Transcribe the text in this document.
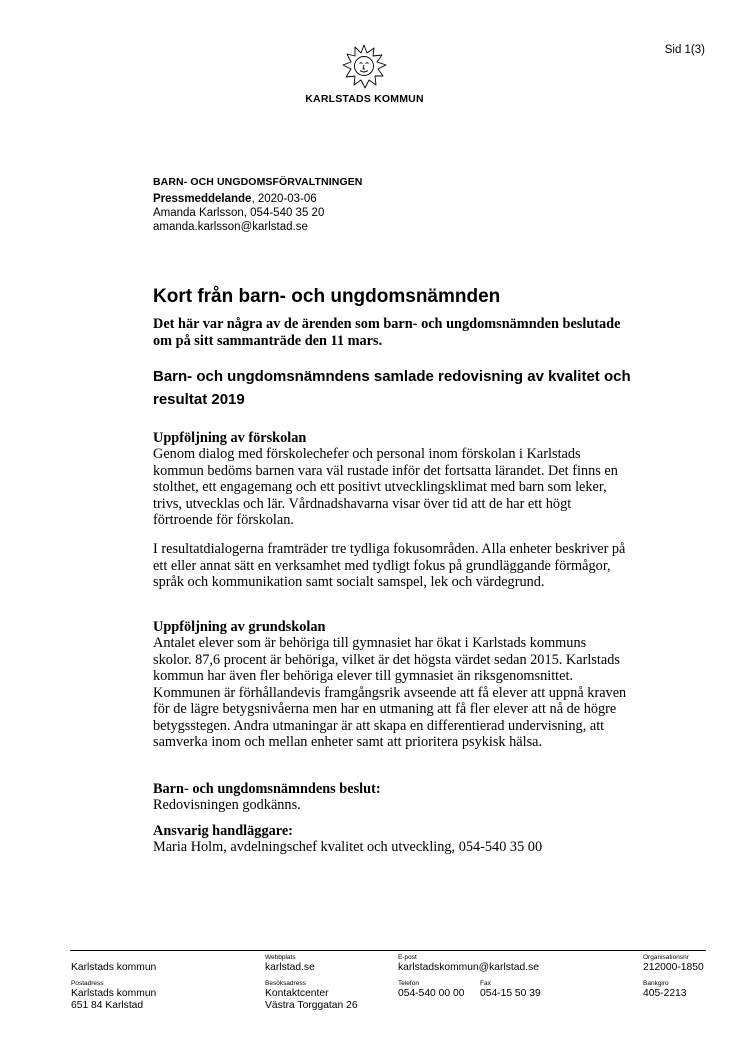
Sid 1(3)
KARLSTADS KOMMUN
BARN- OCH UNGDOMSFÖRVALTNINGEN
Pressmeddelande, 2020-03-06
Amanda Karlsson, 054-540 35 20
amanda.karlsson@karlstad.se
Kort från barn- och ungdomsnämnden
Det här var några av de ärenden som barn- och ungdomsnämnden beslutade om på sitt sammanträde den 11 mars.
Barn- och ungdomsnämndens samlade redovisning av kvalitet och resultat 2019
Uppföljning av förskolan
Genom dialog med förskolechefer och personal inom förskolan i Karlstads kommun bedöms barnen vara väl rustade inför det fortsatta lärandet. Det finns en stolthet, ett engagemang och ett positivt utvecklingsklimat med barn som leker, trivs, utvecklas och lär. Vårdnadshavarna visar över tid att de har ett högt förtroende för förskolan.
I resultatdialogerna framträder tre tydliga fokusområden. Alla enheter beskriver på ett eller annat sätt en verksamhet med tydligt fokus på grundläggande förmågor, språk och kommunikation samt socialt samspel, lek och värdegrund.
Uppföljning av grundskolan
Antalet elever som är behöriga till gymnasiet har ökat i Karlstads kommuns skolor. 87,6 procent är behöriga, vilket är det högsta värdet sedan 2015. Karlstads kommun har även fler behöriga elever till gymnasiet än riksgenomsnittet. Kommunen är förhållandevis framgångsrik avseende att få elever att uppnå kraven för de lägre betygsnivåerna men har en utmaning att få fler elever att nå de högre betygsstegen. Andra utmaningar är att skapa en differentierad undervisning, att samverka inom och mellan enheter samt att prioritera psykisk hälsa.
Barn- och ungdomsnämndens beslut:
Redovisningen godkänns.
Ansvarig handläggare:
Maria Holm, avdelningschef kvalitet och utveckling, 054-540 35 00
Karlstads kommun
Webbplats
karlstad.se
E-post
karlstadskommun@karlstad.se
Organisationsnr
212000-1850
Postadress
Karlstads kommun
651 84 Karlstad
Besöksadress
Kontaktcenter
Västra Torggatan 26
Telefon
054-540 00 00
Fax
054-15 50 39
Bankgiro
405-2213
